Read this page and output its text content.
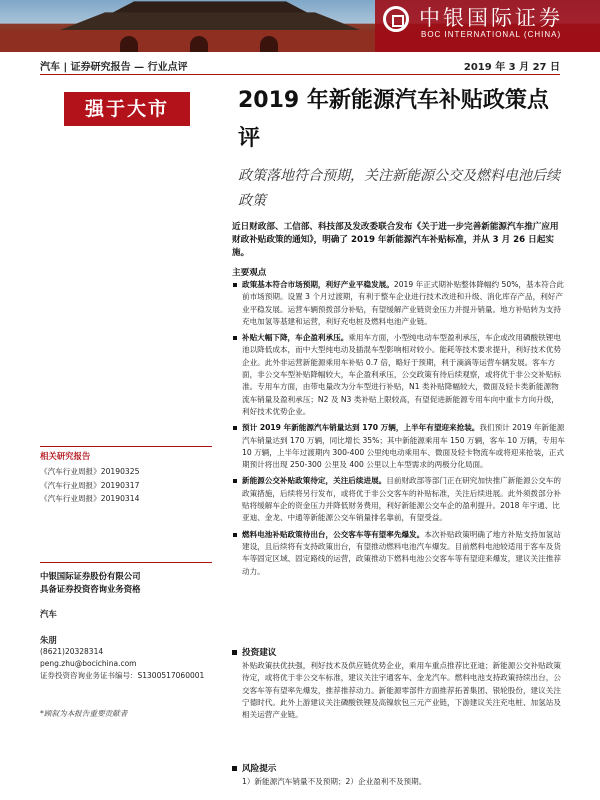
中银国际证券
BOC INTERNATIONAL (CHINA)
汽车 | 证券研究报告 — 行业点评	2019 年 3 月 27 日
强于大市	2019 年新能源汽车补贴政策点评
政策落地符合预期，关注新能源公交及燃料电池后续政策
近日财政部、工信部、科技部及发改委联合发布《关于进一步完善新能源汽车推广应用财政补贴政策的通知》，明确了 2019 年新能源汽车补贴标准，并从 3 月 26 日起实施。
主要观点
政策基本符合市场预期，利好产业平稳发展。2019 年正式期补贴整体降幅约 50%，基本符合此前市场预期。设置 3 个月过渡期，有利于整车企业进行技术改进和升级、消化库存产品，利好产业平稳发展。运营车辆预拨部分补贴，有望缓解产业链资金压力并提升销量。地方补贴转为支持充电加氢等基建和运营，利好充电桩及燃料电池产业链。
补贴大幅下降，车企盈利承压。乘用车方面，小型纯电动车型盈利承压，车企或改用磷酸铁锂电池以降低成本，而中大型纯电动及插混车型影响相对较小。能耗等技术要求提升，利好技术优势企业。此外非运营新能源乘用车补贴 0.7 倍，略好于预期，利于滴滴等运营车辆发展。客车方面，非公交车型补贴降幅较大，车企盈利承压，公交政策有待后续观察，或将优于非公交补贴标准。专用车方面，由带电量改为分车型进行补贴，N1 类补贴降幅较大，微面及轻卡类新能源物流车销量及盈利承压；N2 及 N3 类补贴上限较高，有望促进新能源专用车向中重卡方向升级，利好技术优势企业。
预计 2019 年新能源汽车销量达到 170 万辆，上半年有望迎来抢装。我们预计 2019 年新能源汽车销量达到 170 万辆，同比增长 35%；其中新能源乘用车 150 万辆，客车 10 万辆，专用车 10 万辆，上半年过渡期内 300-400 公里纯电动乘用车、微面及轻卡物流车或将迎来抢装，正式期预计将出现 250-300 公里及 400 公里以上车型需求的两极分化局面。
新能源公交补贴政策待定，关注后续进展。目前财政部等部门正在研究加快推广新能源公交车的政策措施，后续将另行发布，或将优于非公交客车的补贴标准，关注后续进展。此外须拨部分补贴将缓解车企的资金压力并降低财务费用，利好新能源公交车企的盈利提升。2018 年宇通、比亚迪、金龙、中通等新能源公交车销量排名靠前，有望受益。
燃料电池补贴政策待出台，公交客车等有望率先爆发。本次补贴政策明确了地方补贴支持加氢站建设，且后续将有支持政策出台，有望推动燃料电池汽车爆发。目前燃料电池较适用于客车及货车等固定区域、固定路线的运营，政策推动下燃料电池公交客车等有望迎来爆发，建议关注推荐动力。
投资建议
补贴政策扶优扶强，利好技术及供应链优势企业，乘用车重点推荐比亚迪；新能源公交补贴政策待定，或将优于非公交车标准，建议关注宇通客车、金龙汽车。燃料电池支持政策持续出台，公交客车等有望率先爆发，推荐推荐动力。新能源零部件方面推荐拓普集团、银轮股份，建议关注宁德时代。此外上游建议关注磷酸铁锂及高镍软包三元产业链，下游建议关注充电桩、加氢站及相关运营产业链。
风险提示
1）新能源汽车销量不及预期；2）企业盈利不及预期。
相关研究报告
《汽车行业周报》20190325
《汽车行业周报》20190317
《汽车行业周报》20190314
中银国际证券股份有限公司
具备证券投资咨询业务资格
汽车
朱朋
(8621)20328314
peng.zhu@bocichina.com
证券投资咨询业务证书编号：S1300517060001
*顾叙为本报告重要贡献者
